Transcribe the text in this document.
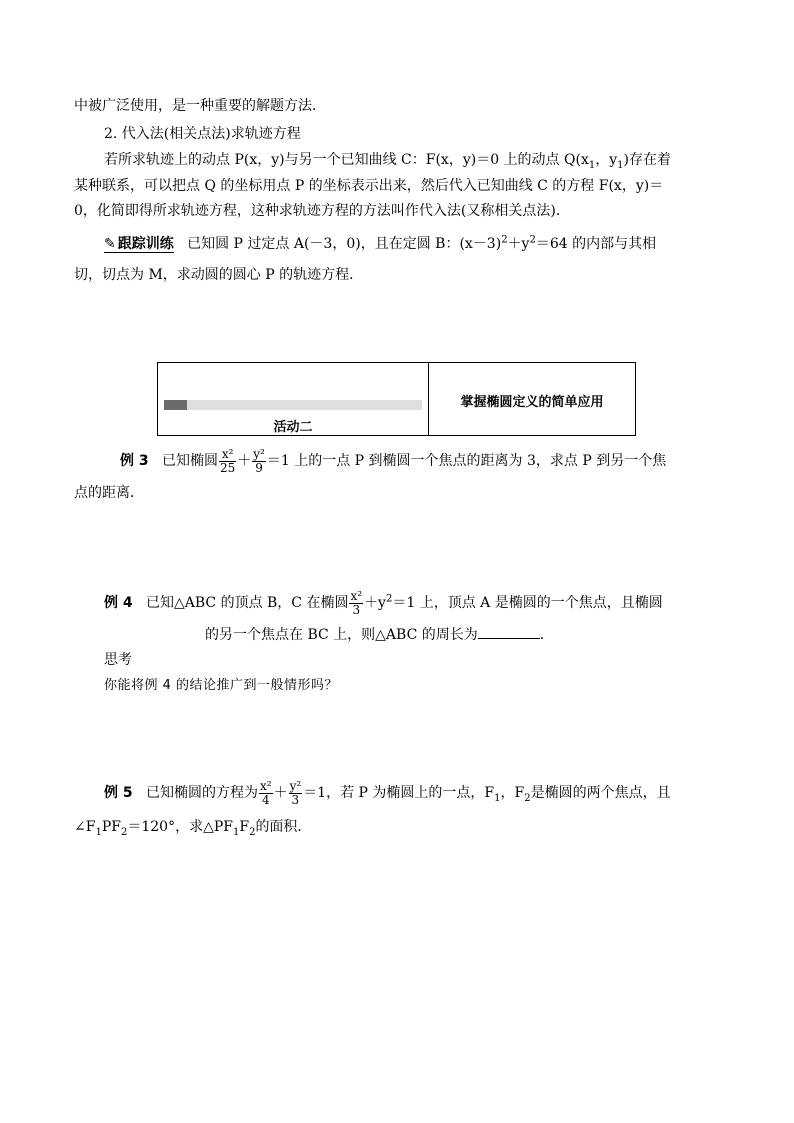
中被广泛使用，是一种重要的解题方法．
2. 代入法(相关点法)求轨迹方程
若所求轨迹上的动点 P(x，y)与另一个已知曲线 C：F(x，y)＝0 上的动点 $Q(x_1$，$y_1$)存在着
某种联系，可以把点 Q 的坐标用点 P 的坐标表示出来，然后代入已知曲线 C 的方程 F(x，y)＝
0，化简即得所求轨迹方程，这种求轨迹方程的方法叫作代入法(又称相关点法)．
✎ 跟踪训练 已知圆 P 过定点 A(－3，0)，且在定圆 B：$(x-3)^2+y^2=64$ 的内部与其相
切，切点为 M，求动圆的圆心 P 的轨迹方程．
活动二
掌握椭圆定义的简单应用
例 3 已知椭圆 $\frac{\text{x²}}{25} + \frac{\text{y²}}{9} =1$ 上的一点 P 到椭圆一个焦点的距离为 3，求点 P 到另一个焦
点的距离．
例 4 已知△ABC 的顶点 B，C 在椭圆 $\frac{\text{x²}}{3} +y^2=1$ 上，顶点 A 是椭圆的一个焦点，且椭圆
的另一个焦点在 BC 上，则△ABC 的周长为	．
思考
你能将例 4 的结论推广到一般情形吗？
例 5 已知椭圆的方程为 $\frac{\text{x²}}{4} + \frac{\text{y²}}{3} =1$，若 P 为椭圆上的一点，$F_1$，$F_2$是椭圆的两个焦点，且
$\angle F_1PF_2=120^\circ$，求$\triangle PF_1F_2$的面积．
